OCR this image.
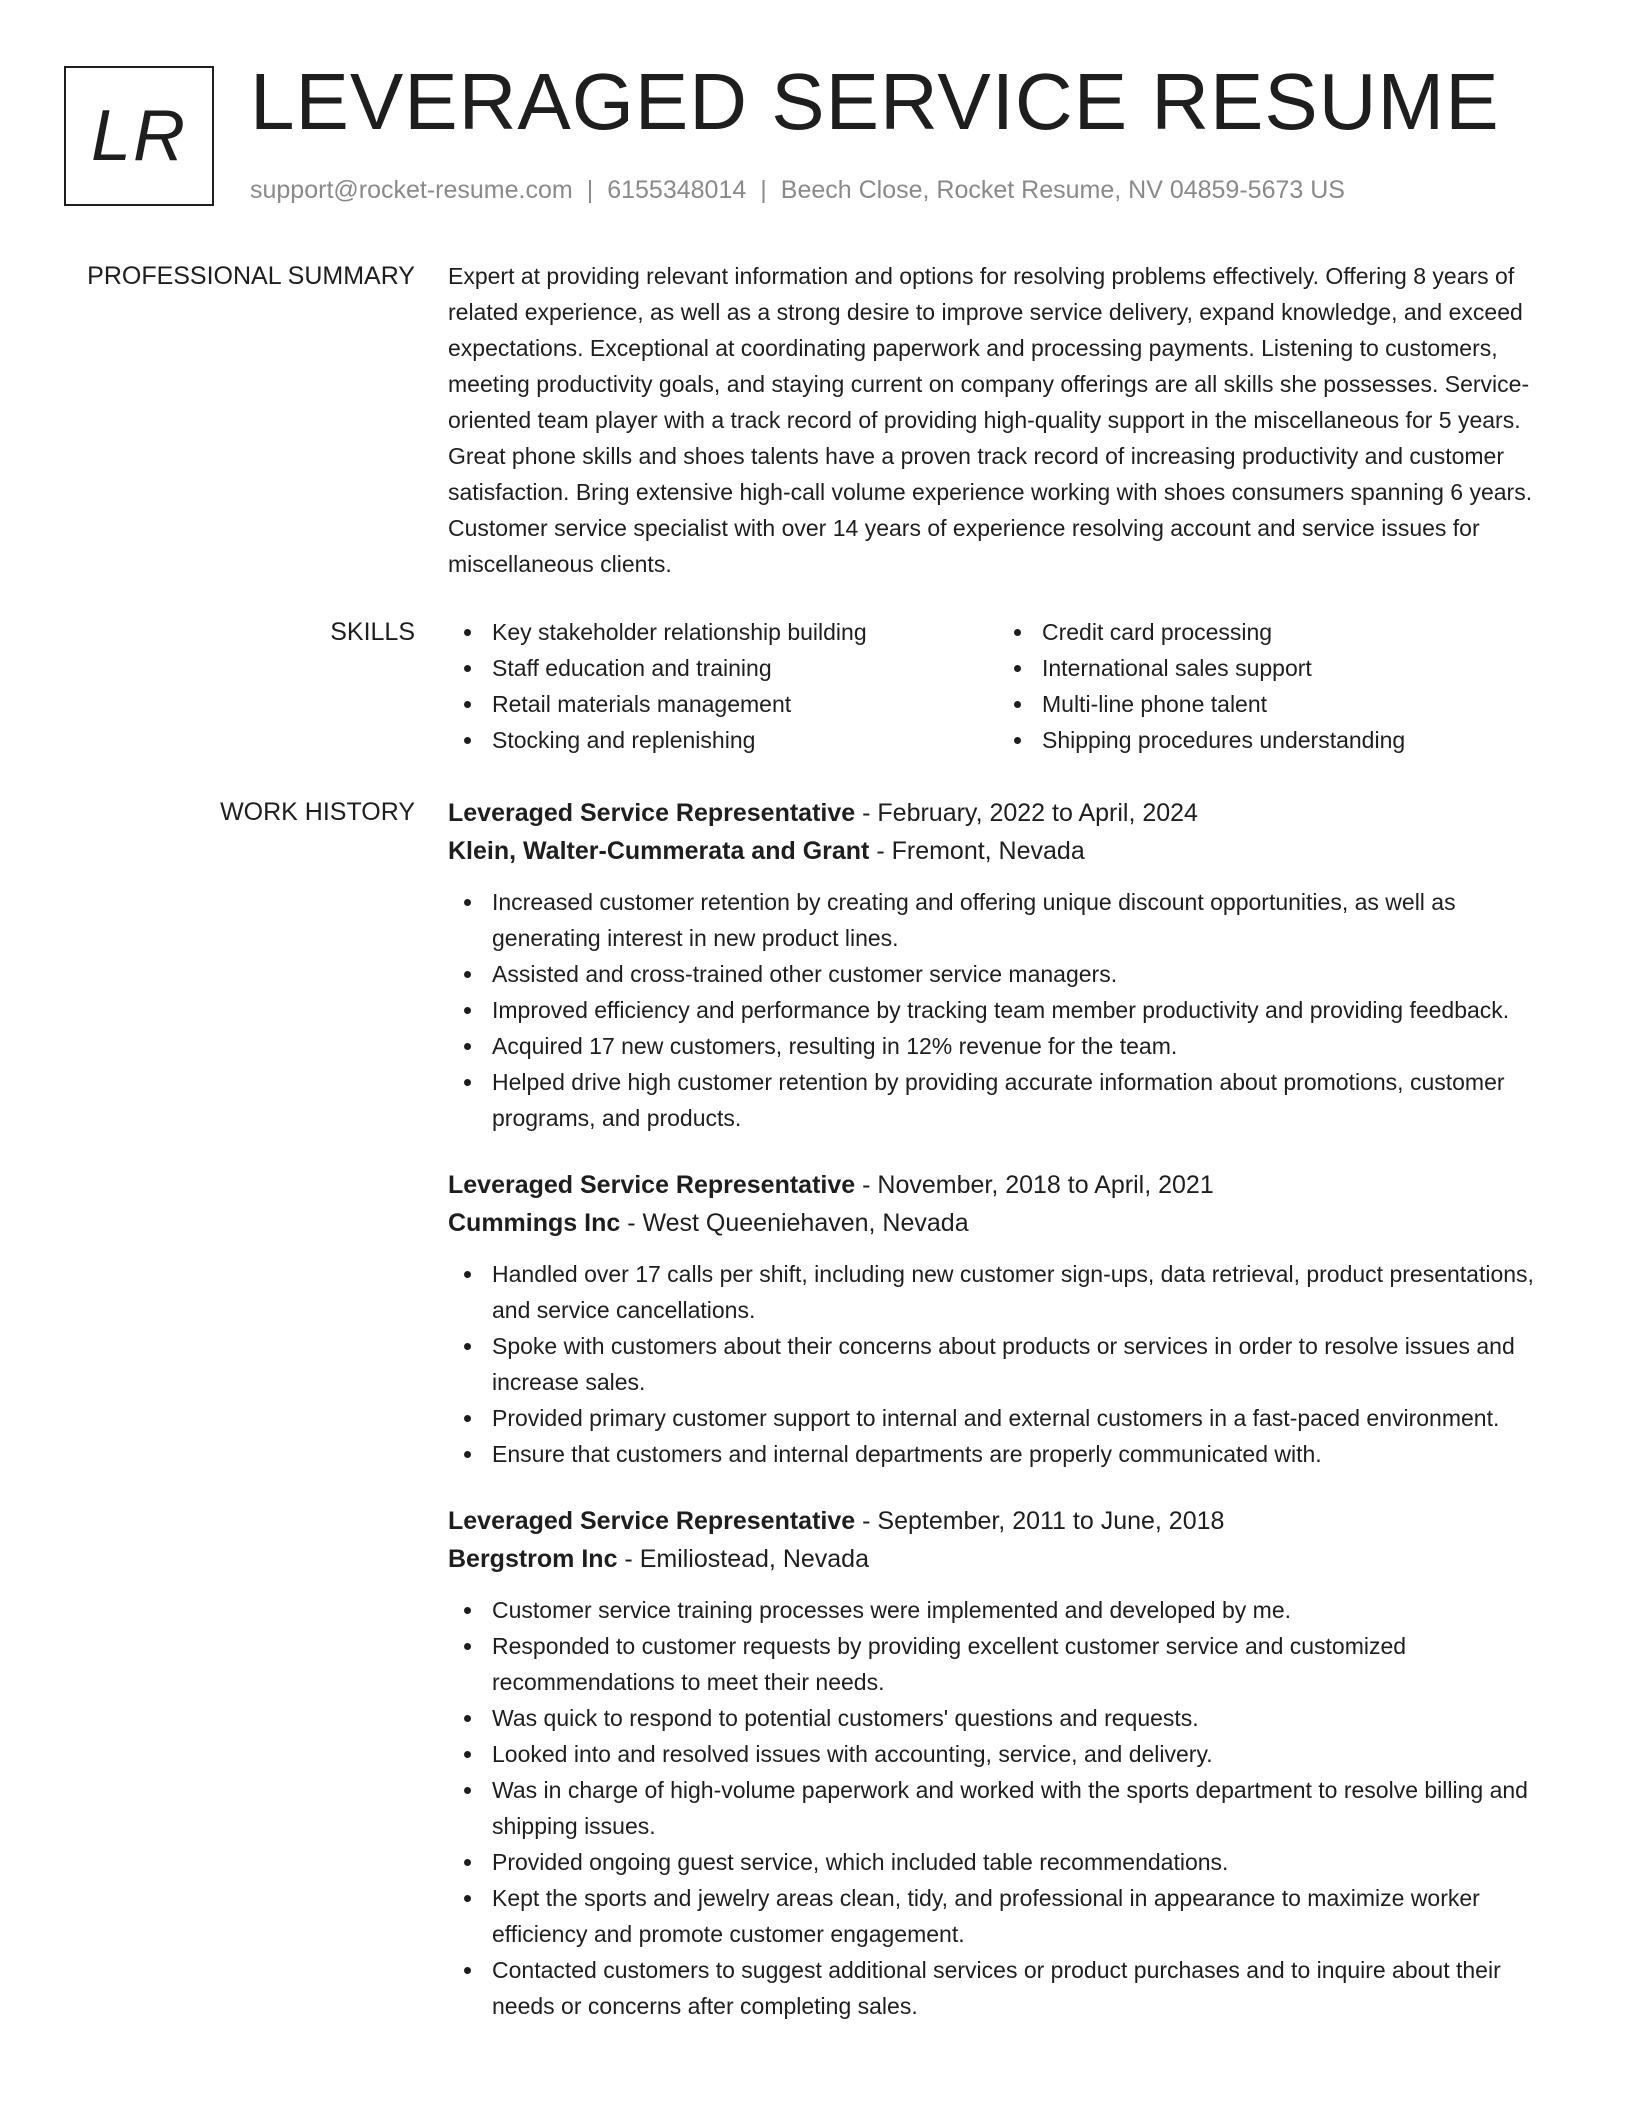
LR LEVERAGED SERVICE RESUME
support@rocket-resume.com | 6155348014 | Beech Close, Rocket Resume, NV 04859-5673 US
PROFESSIONAL SUMMARY Expert at providing relevant information and options for resolving problems effectively. Offering 8 years of related experience, as well as a strong desire to improve service delivery, expand knowledge, and exceed expectations. Exceptional at coordinating paperwork and processing payments. Listening to customers, meeting productivity goals, and staying current on company offerings are all skills she possesses. Service-oriented team player with a track record of providing high-quality support in the miscellaneous for 5 years. Great phone skills and shoes talents have a proven track record of increasing productivity and customer satisfaction. Bring extensive high-call volume experience working with shoes consumers spanning 6 years. Customer service specialist with over 14 years of experience resolving account and service issues for miscellaneous clients.

SKILLS	Key stakeholder relationship building
Staff education and training
Retail materials management
Stocking and replenishing
Credit card processing
International sales support
Multi-line phone talent
Shipping procedures understanding
WORK HISTORY Leveraged Service Representative - February, 2022 to April, 2024
Klein, Walter-Cummerata and Grant - Fremont, Nevada
Increased customer retention by creating and offering unique discount opportunities, as well as generating interest in new product lines.
Assisted and cross-trained other customer service managers.
Improved efficiency and performance by tracking team member productivity and providing feedback.
Acquired 17 new customers, resulting in 12% revenue for the team.
Helped drive high customer retention by providing accurate information about promotions, customer programs, and products.
Leveraged Service Representative - November, 2018 to April, 2021
Cummings Inc - West Queeniehaven, Nevada
Handled over 17 calls per shift, including new customer sign-ups, data retrieval, product presentations, and service cancellations.
Spoke with customers about their concerns about products or services in order to resolve issues and increase sales.
Provided primary customer support to internal and external customers in a fast-paced environment.
Ensure that customers and internal departments are properly communicated with.
Leveraged Service Representative - September, 2011 to June, 2018
Bergstrom Inc - Emiliostead, Nevada
Customer service training processes were implemented and developed by me.
Responded to customer requests by providing excellent customer service and customized recommendations to meet their needs.
Was quick to respond to potential customers' questions and requests.
Looked into and resolved issues with accounting, service, and delivery.
Was in charge of high-volume paperwork and worked with the sports department to resolve billing and shipping issues.
Provided ongoing guest service, which included table recommendations.
Kept the sports and jewelry areas clean, tidy, and professional in appearance to maximize worker efficiency and promote customer engagement.
Contacted customers to suggest additional services or product purchases and to inquire about their needs or concerns after completing sales.
